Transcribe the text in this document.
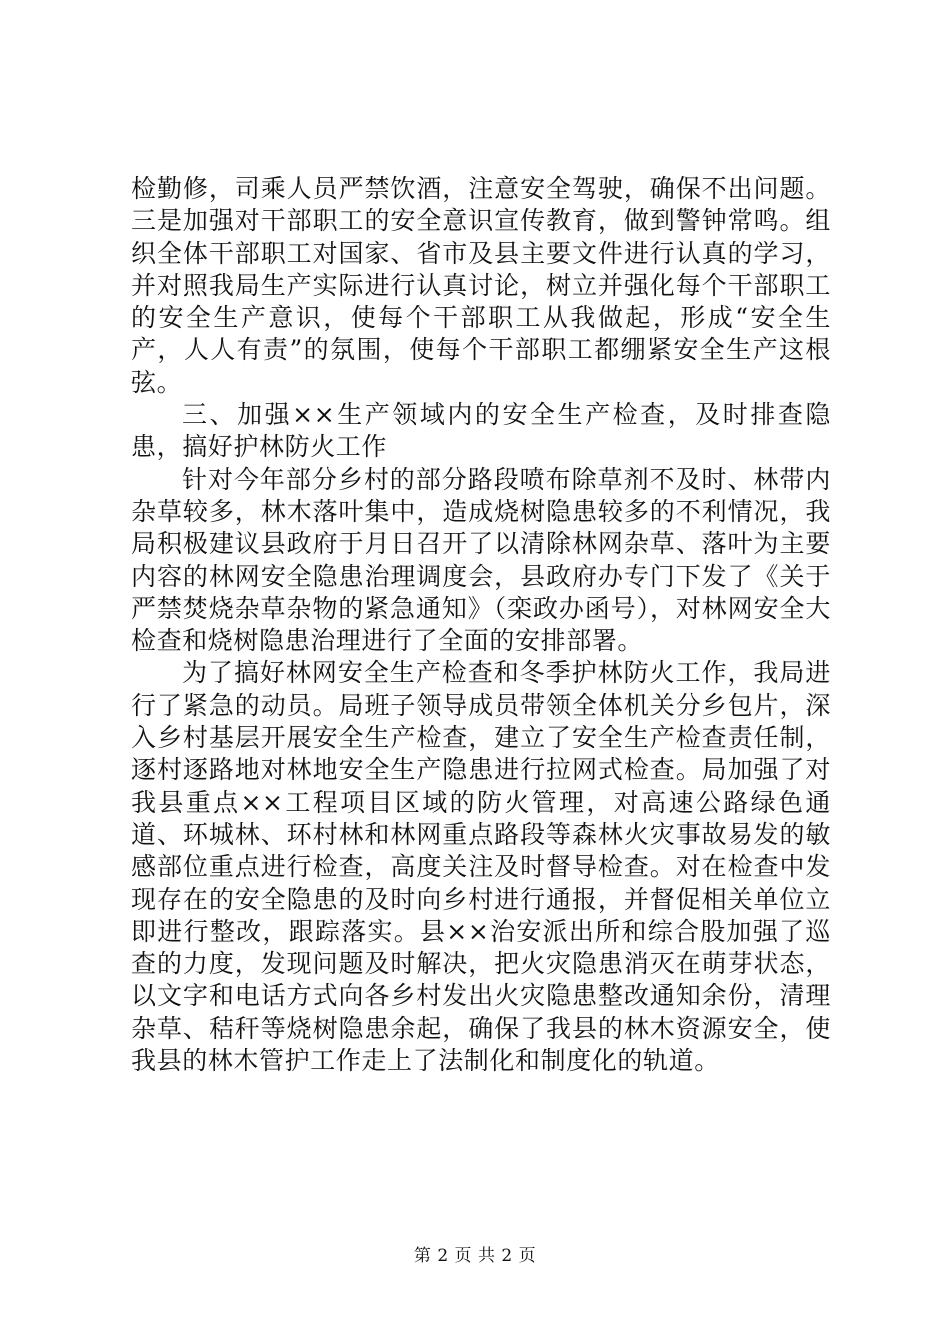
检勤修，司乘人员严禁饮酒，注意安全驾驶，确保不出问题。三是加强对干部职工的安全意识宣传教育，做到警钟常鸣。组织全体干部职工对国家、省市及县主要文件进行认真的学习，并对照我局生产实际进行认真讨论，树立并强化每个干部职工的安全生产意识，使每个干部职工从我做起，形成“安全生产，人人有责”的氛围，使每个干部职工都绷紧安全生产这根弦。

三、加强××生产领域内的安全生产检查，及时排查隐患，搞好护林防火工作

针对今年部分乡村的部分路段喷布除草剂不及时、林带内杂草较多，林木落叶集中，造成烧树隐患较多的不利情况，我局积极建议县政府于月日召开了以清除林网杂草、落叶为主要内容的林网安全隐患治理调度会，县政府办专门下发了《关于严禁焚烧杂草杂物的紧急通知》（栾政办函号），对林网安全大检查和烧树隐患治理进行了全面的安排部署。

为了搞好林网安全生产检查和冬季护林防火工作，我局进行了紧急的动员。局班子领导成员带领全体机关分乡包片，深入乡村基层开展安全生产检查，建立了安全生产检查责任制，逐村逐路地对林地安全生产隐患进行拉网式检查。局加强了对我县重点××工程项目区域的防火管理，对高速公路绿色通道、环城林、环村林和林网重点路段等森林火灾事故易发的敏感部位重点进行检查，高度关注及时督导检查。对在检查中发现存在的安全隐患的及时向乡村进行通报，并督促相关单位立即进行整改，跟踪落实。县××治安派出所和综合股加强了巡查的力度，发现问题及时解决，把火灾隐患消灭在萌芽状态，以文字和电话方式向各乡村发出火灾隐患整改通知余份，清理杂草、秸秆等烧树隐患余起，确保了我县的林木资源安全，使我县的林木管护工作走上了法制化和制度化的轨道。

第 2 页 共 2 页
